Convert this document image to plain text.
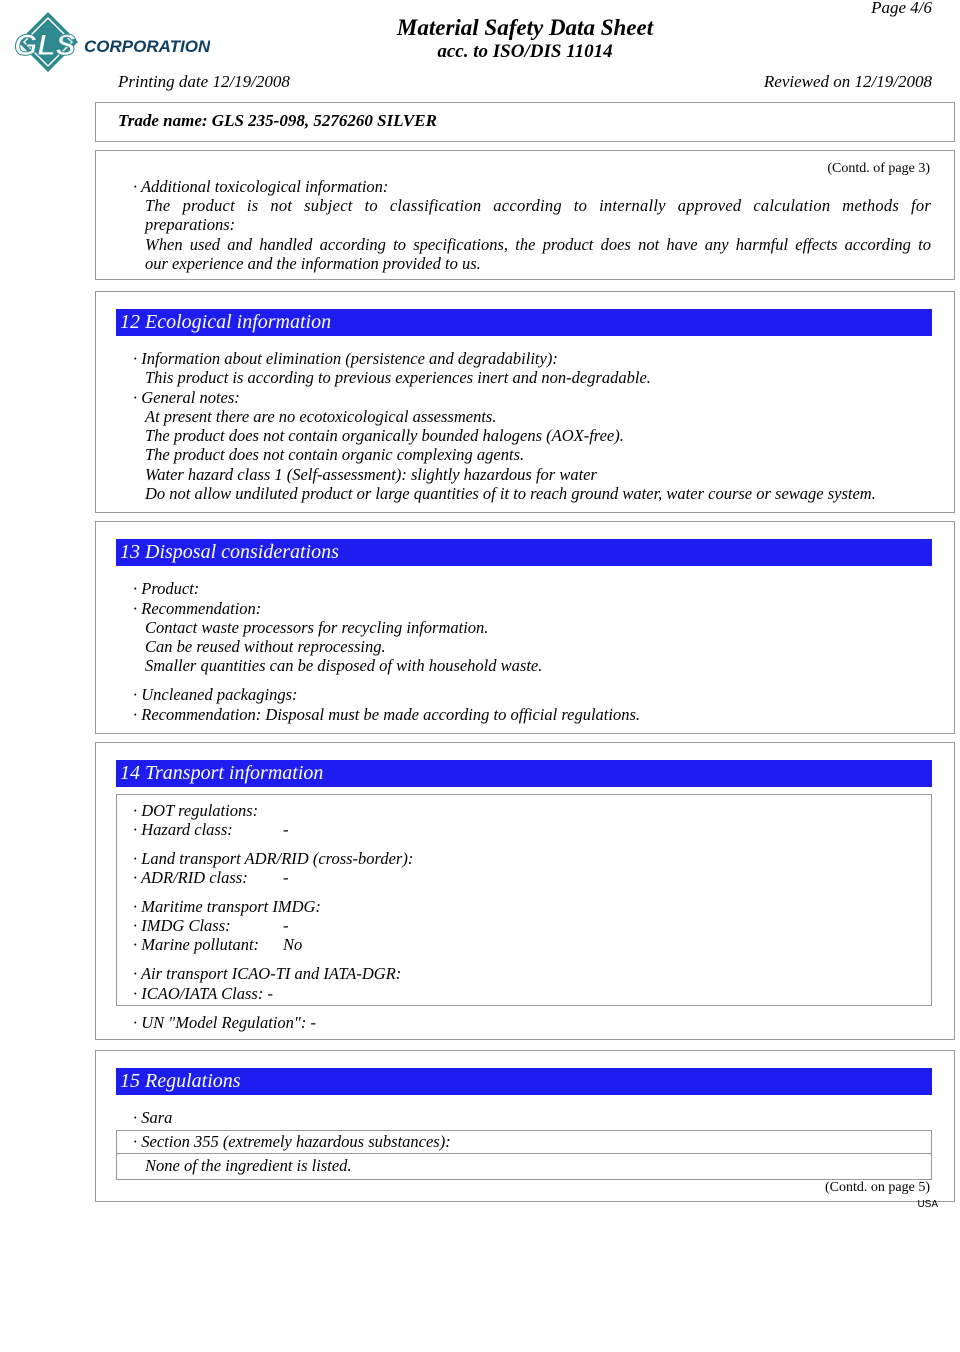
GLS CORPORATION
Material Safety Data Sheet
acc. to ISO/DIS 11014
Page 4/6
Printing date 12/19/2008	Reviewed on 12/19/2008
Trade name: GLS 235-098, 5276260 SILVER
(Contd. of page 3)
· Additional toxicological information:
The product is not subject to classification according to internally approved calculation methods for
preparations:
When used and handled according to specifications, the product does not have any harmful effects according to
our experience and the information provided to us.
12 Ecological information
· Information about elimination (persistence and degradability):
This product is according to previous experiences inert and non-degradable.
· General notes:
At present there are no ecotoxicological assessments.
The product does not contain organically bounded halogens (AOX-free).
The product does not contain organic complexing agents.
Water hazard class 1 (Self-assessment): slightly hazardous for water
Do not allow undiluted product or large quantities of it to reach ground water, water course or sewage system.
13 Disposal considerations
· Product:
· Recommendation:
Contact waste processors for recycling information.
Can be reused without reprocessing.
Smaller quantities can be disposed of with household waste.
· Uncleaned packagings:
· Recommendation: Disposal must be made according to official regulations.
14 Transport information
· DOT regulations:
· Hazard class:	-
· Land transport ADR/RID (cross-border):
· ADR/RID class: -
· Maritime transport IMDG:
· IMDG Class:	-
· Marine pollutant: No
· Air transport ICAO-TI and IATA-DGR:
· ICAO/IATA Class: -
· UN "Model Regulation": -
15 Regulations
· Sara
· Section 355 (extremely hazardous substances):
None of the ingredient is listed.
(Contd. on page 5)
USA
